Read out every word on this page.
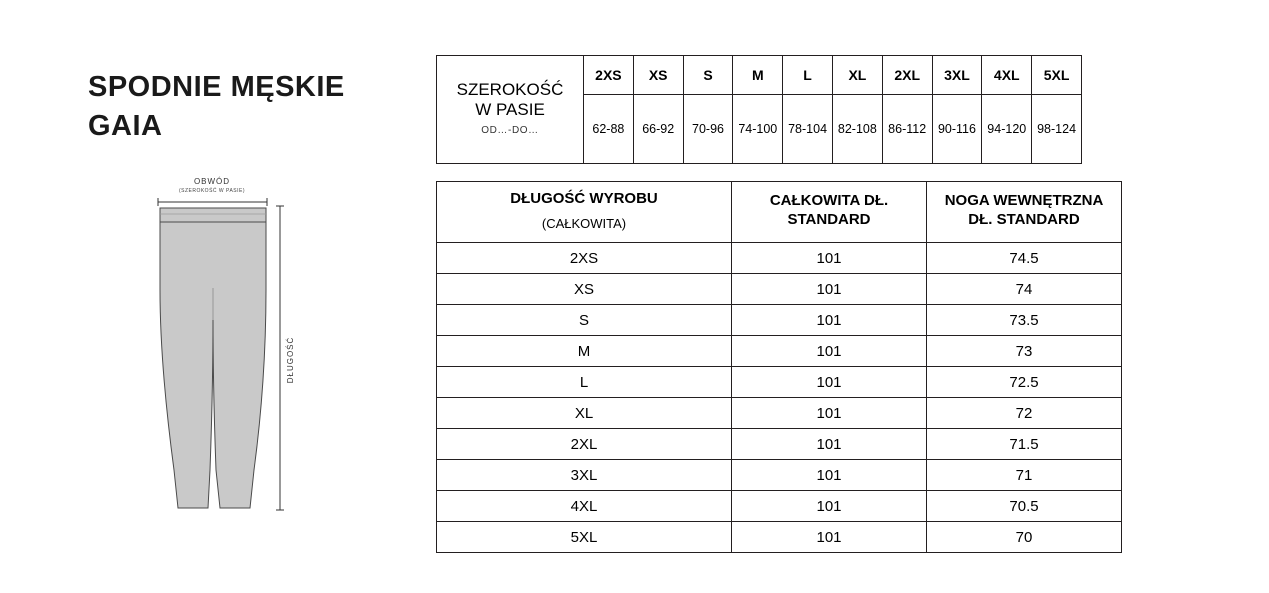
SPODNIE MĘSKIE GAIA
OBWÓD
(SZEROKOŚĆ W PASIE)
DŁUGOŚĆ
SZEROKOŚĆ
W PASIE
OD…-DO…	2XS	XS	S	M	L	XL	2XL	3XL	4XL	5XL
	62-88	66-92	70-96	74-100	78-104	82-108	86-112	90-116	94-120	98-124
DŁUGOŚĆ WYROBU
(CAŁKOWITA)	CAŁKOWITA DŁ. STANDARD	NOGA WEWNĘTRZNA DŁ. STANDARD
2XS	101	74.5
XS	101	74
S	101	73.5
M	101	73
L	101	72.5
XL	101	72
2XL	101	71.5
3XL	101	71
4XL	101	70.5
5XL	101	70
